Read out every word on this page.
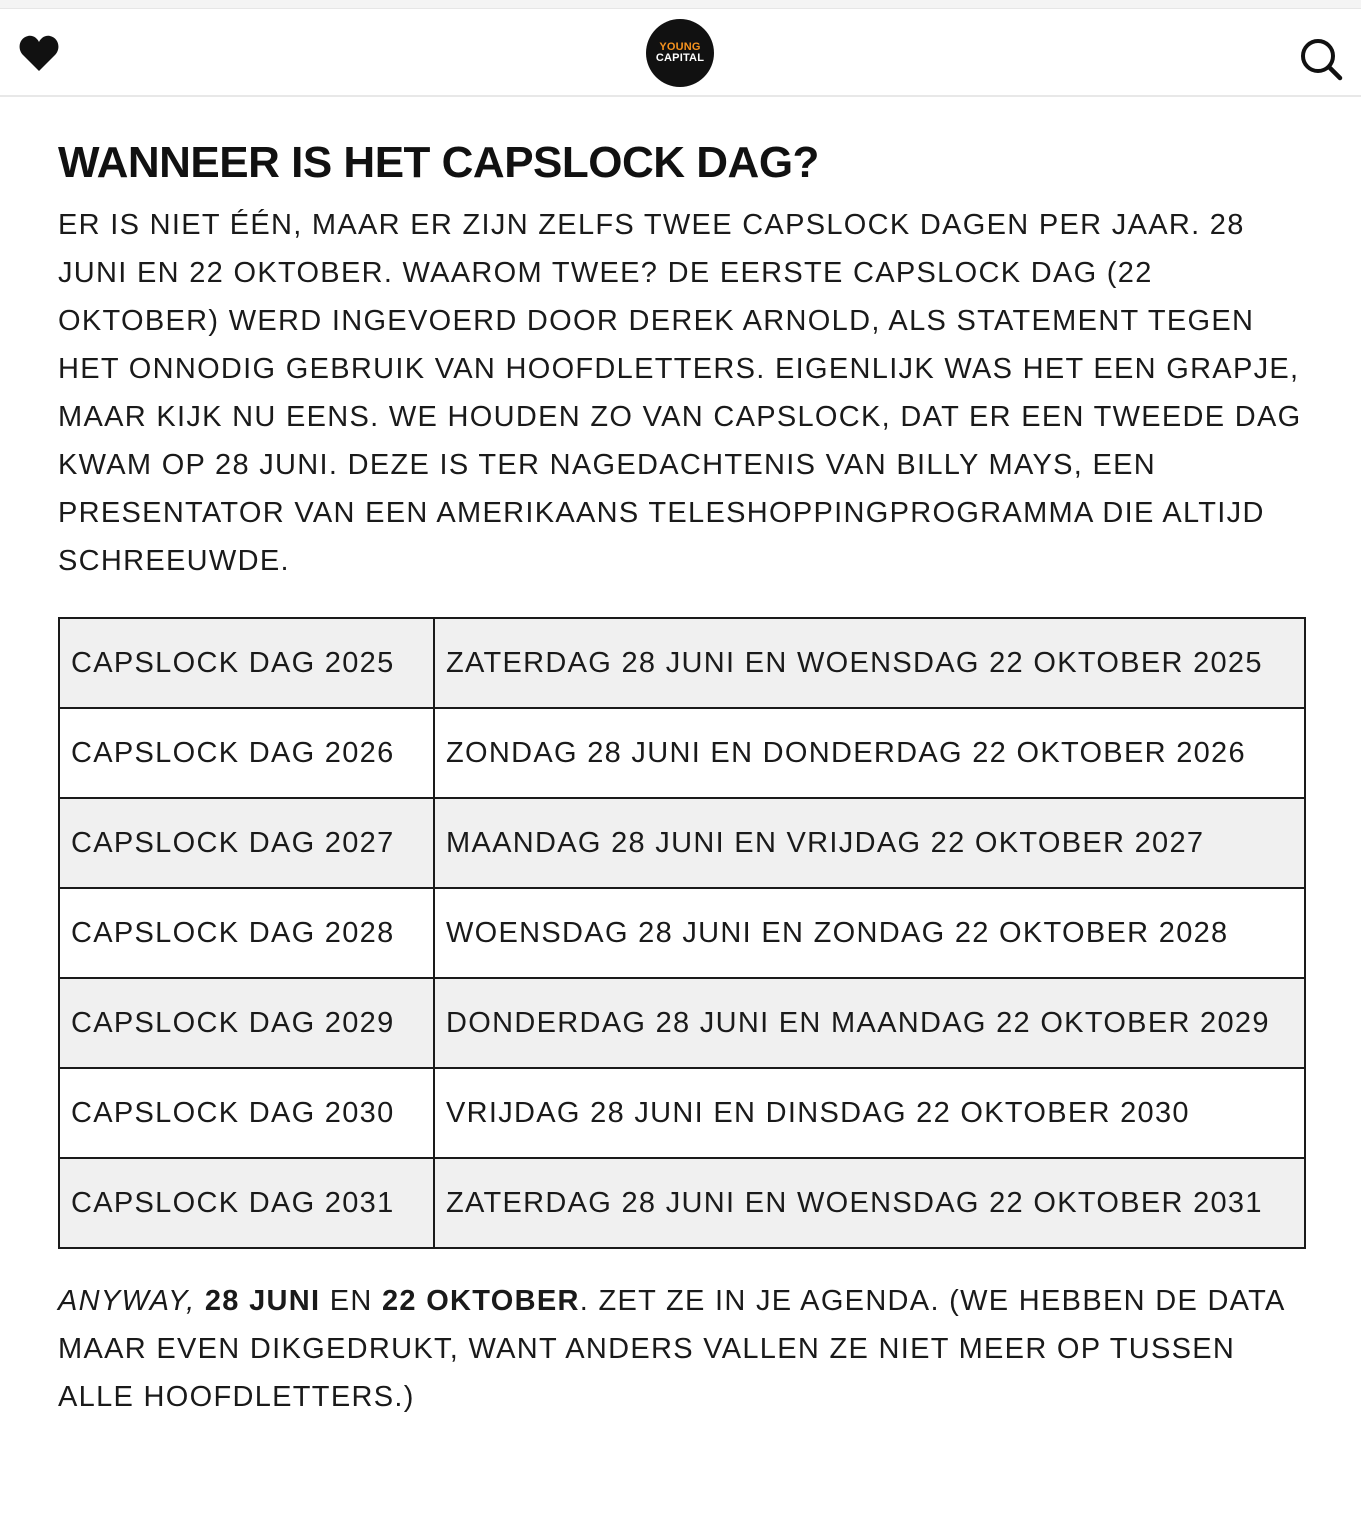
YOUNG
CAPITAL
WANNEER IS HET CAPSLOCK DAG?

ER IS NIET ÉÉN, MAAR ER ZIJN ZELFS TWEE CAPSLOCK DAGEN PER JAAR. 28 JUNI EN 22 OKTOBER. WAAROM TWEE? DE EERSTE CAPSLOCK DAG (22 OKTOBER) WERD INGEVOERD DOOR DEREK ARNOLD, ALS STATEMENT TEGEN HET ONNODIG GEBRUIK VAN HOOFDLETTERS. EIGENLIJK WAS HET EEN GRAPJE, MAAR KIJK NU EENS. WE HOUDEN ZO VAN CAPSLOCK, DAT ER EEN TWEEDE DAG KWAM OP 28 JUNI. DEZE IS TER NAGEDACHTENIS VAN BILLY MAYS, EEN PRESENTATOR VAN EEN AMERIKAANS TELESHOPPINGPROGRAMMA DIE ALTIJD SCHREEUWDE.

CAPSLOCK DAG 2025	ZATERDAG 28 JUNI EN WOENSDAG 22 OKTOBER 2025
CAPSLOCK DAG 2026	ZONDAG 28 JUNI EN DONDERDAG 22 OKTOBER 2026
CAPSLOCK DAG 2027	MAANDAG 28 JUNI EN VRIJDAG 22 OKTOBER 2027
CAPSLOCK DAG 2028	WOENSDAG 28 JUNI EN ZONDAG 22 OKTOBER 2028
CAPSLOCK DAG 2029	DONDERDAG 28 JUNI EN MAANDAG 22 OKTOBER 2029
CAPSLOCK DAG 2030	VRIJDAG 28 JUNI EN DINSDAG 22 OKTOBER 2030
CAPSLOCK DAG 2031	ZATERDAG 28 JUNI EN WOENSDAG 22 OKTOBER 2031

ANYWAY, 28 JUNI EN 22 OKTOBER. ZET ZE IN JE AGENDA. (WE HEBBEN DE DATA MAAR EVEN DIKGEDRUKT, WANT ANDERS VALLEN ZE NIET MEER OP TUSSEN ALLE HOOFDLETTERS.)
